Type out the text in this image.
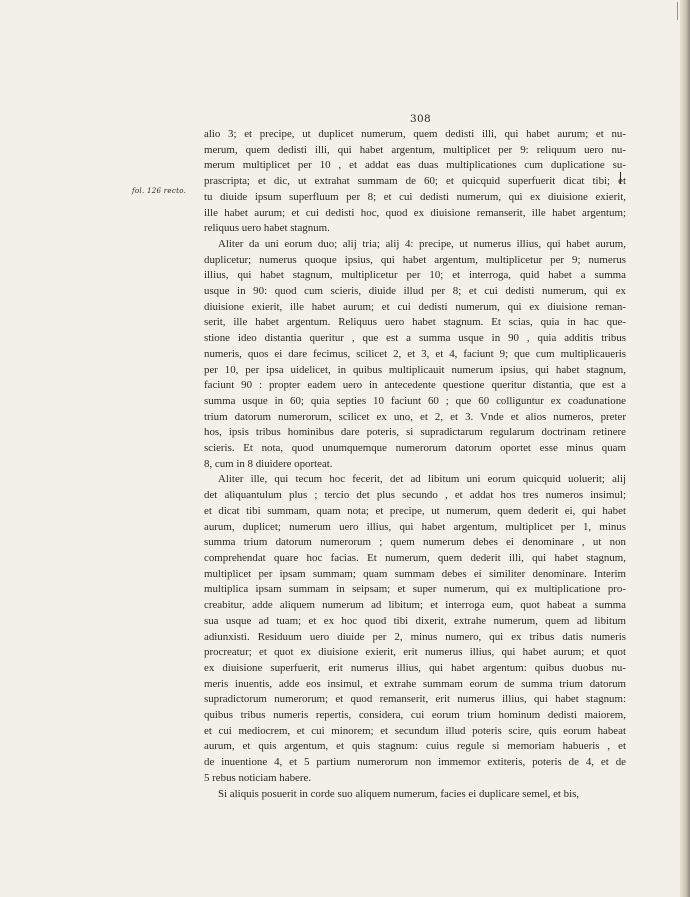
308
fol. 126 recto.
alio 3; et precipe, ut duplicet numerum, quem dedisti illi, qui habet aurum; et nu-
merum, quem dedisti illi, qui habet argentum, multiplicet per 9: reliquum uero nu-
merum multiplicet per 10 , et addat eas duas multiplicationes cum duplicatione su-
prascripta; et dic, ut extrahat summam de 60; et quicquid superfuerit dicat tibi; et
tu diuide ipsum superfluum per 8; et cui dedisti numerum, qui ex diuisione exierit,
ille habet aurum; et cui dedisti hoc, quod ex diuisione remanserit, ille habet argentum;
reliquus uero habet stagnum.
Aliter da uni eorum duo; alij tria; alij 4: precipe, ut numerus illius, qui habet aurum,
duplicetur; numerus quoque ipsius, qui habet argentum, multiplicetur per 9; numerus
illius, qui habet stagnum, multiplicetur per 10; et interroga, quid habet a summa
usque in 90: quod cum scieris, diuide illud per 8; et cui dedisti numerum, qui ex
diuisione exierit, ille habet aurum; et cui dedisti numerum, qui ex diuisione reman-
serit, ille habet argentum. Reliquus uero habet stagnum. Et scias, quia in hac que-
stione ideo distantia queritur , que est a summa usque in 90 , quia additis tribus
numeris, quos ei dare fecimus, scilicet 2, et 3, et 4, faciunt 9; que cum multiplicaueris
per 10, per ipsa uidelicet, in quibus multiplicauit numerum ipsius, qui habet stagnum,
faciunt 90 : propter eadem uero in antecedente questione queritur distantia, que est a
summa usque in 60; quia septies 10 faciunt 60 ; que 60 colliguntur ex coadunatione
trium datorum numerorum, scilicet ex uno, et 2, et 3. Vnde et alios numeros, preter
hos, ipsis tribus hominibus dare poteris, si supradictarum regularum doctrinam retinere
scieris. Et nota, quod unumquemque numerorum datorum oportet esse minus quam
8, cum in 8 diuidere oporteat.
Aliter ille, qui tecum hoc fecerit, det ad libitum uni eorum quicquid uoluerit; alij
det aliquantulum plus ; tercio det plus secundo , et addat hos tres numeros insimul;
et dicat tibi summam, quam nota; et precipe, ut numerum, quem dederit ei, qui habet
aurum, duplicet; numerum uero illius, qui habet argentum, multiplicet per 1, minus
summa trium datorum numerorum ; quem numerum debes ei denominare , ut non
comprehendat quare hoc facias. Et numerum, quem dederit illi, qui habet stagnum,
multiplicet per ipsam summam; quam summam debes ei similiter denominare. Interim
multiplica ipsam summam in seipsam; et super numerum, qui ex multiplicatione pro-
creabitur, adde aliquem numerum ad libitum; et interroga eum, quot habeat a summa
sua usque ad tuam; et ex hoc quod tibi dixerit, extrahe numerum, quem ad libitum
adiunxisti. Residuum uero diuide per 2, minus numero, qui ex tribus datis numeris
procreatur; et quot ex diuisione exierit, erit numerus illius, qui habet aurum; et quot
ex diuisione superfuerit, erit numerus illius, qui habet argentum: quibus duobus nu-
meris inuentis, adde eos insimul, et extrahe summam eorum de summa trium datorum
supradictorum numerorum; et quod remanserit, erit numerus illius, qui habet stagnum:
quibus tribus numeris repertis, considera, cui eorum trium hominum dedisti maiorem,
et cui mediocrem, et cui minorem; et secundum illud poteris scire, quis eorum habeat
aurum, et quis argentum, et quis stagnum: cuius regule si memoriam habueris , et
de inuentione 4, et 5 partium numerorum non immemor extiteris, poteris de 4, et de
5 rebus noticiam habere.
Si aliquis posuerit in corde suo aliquem numerum, facies ei duplicare semel, et bis,
